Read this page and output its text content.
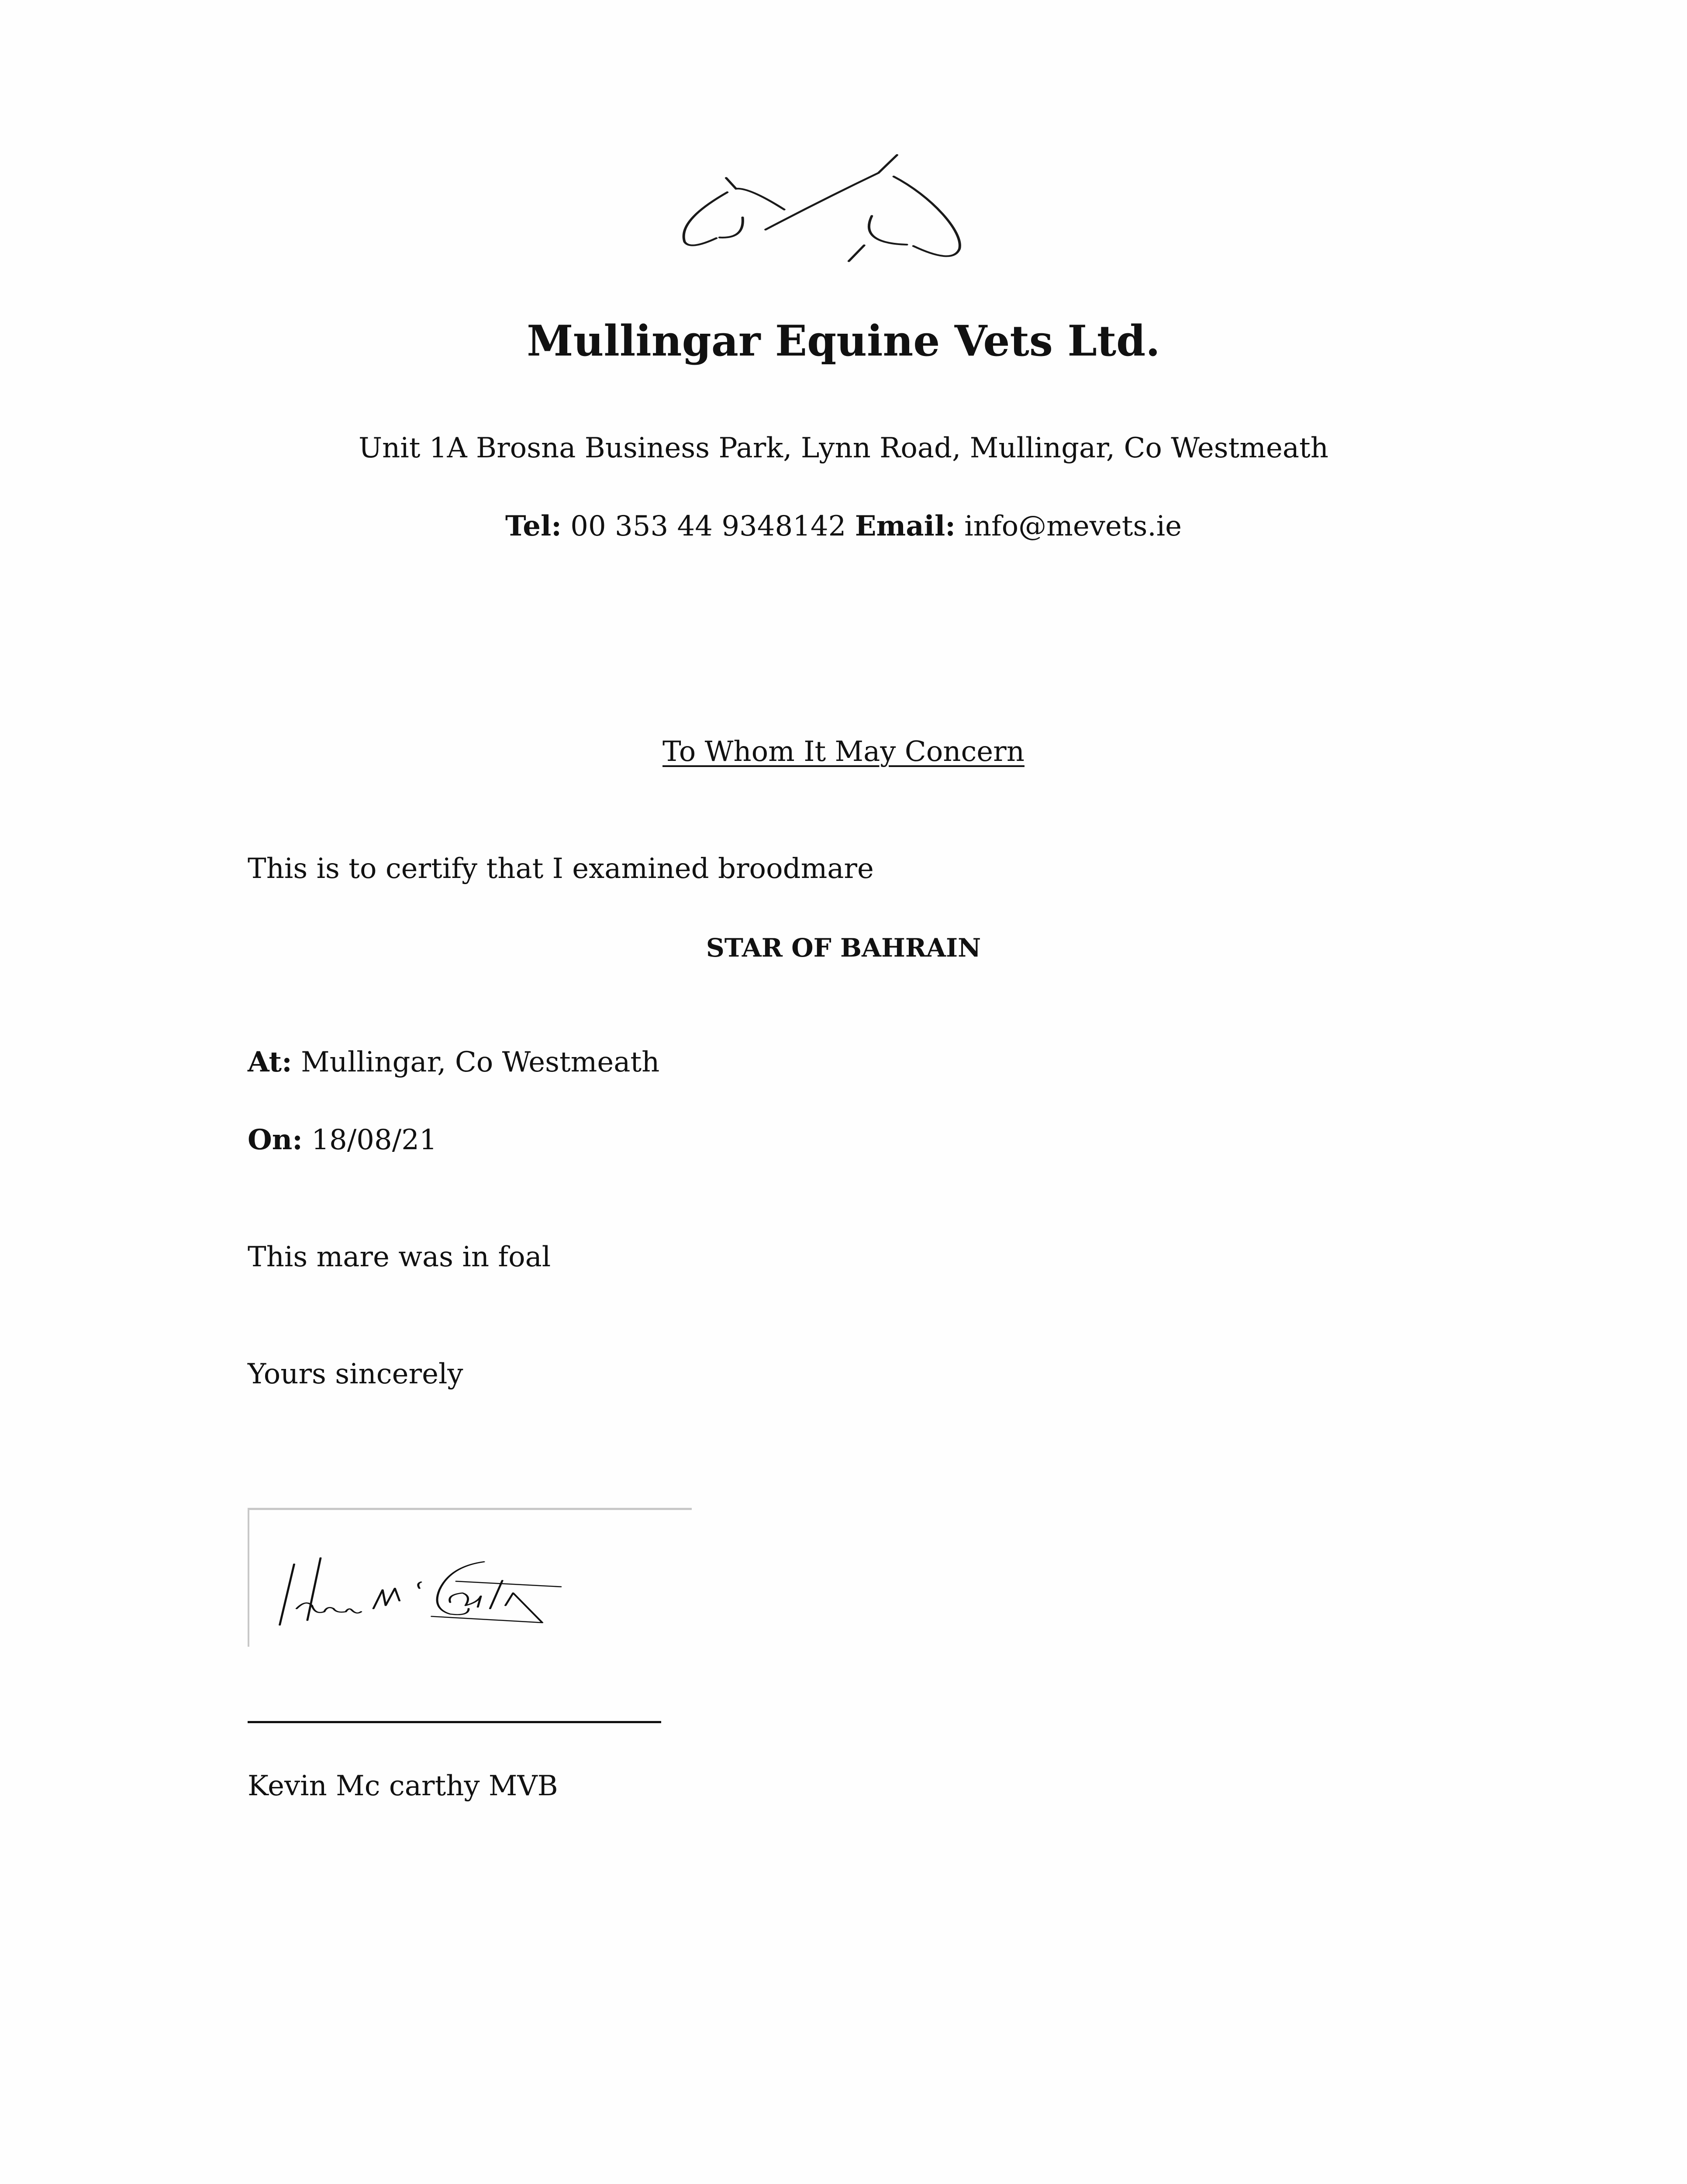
Mullingar Equine Vets Ltd.
Unit 1A Brosna Business Park, Lynn Road, Mullingar, Co Westmeath
Tel: 00 353 44 9348142 Email: info@mevets.ie
To Whom It May Concern
This is to certify that I examined broodmare
STAR OF BAHRAIN
At: Mullingar, Co Westmeath
On: 18/08/21
This mare was in foal
Yours sincerely
Kevin Mc carthy MVB
